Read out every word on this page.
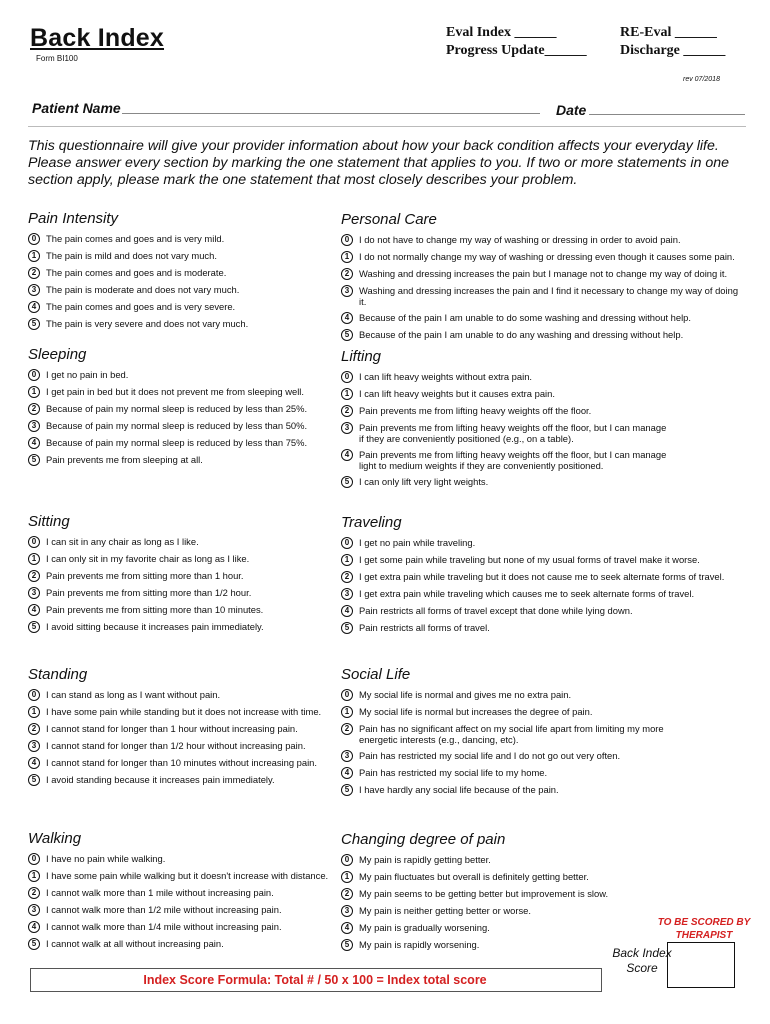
Back Index
Form BI100
Eval Index ______
Progress Update______
RE-Eval ______
Discharge ______
rev 07/2018
Patient Name	Date
This questionnaire will give your provider information about how your back condition affects your everyday life. Please answer every section by marking the one statement that applies to you. If two or more statements in one section apply, please mark the one statement that most closely describes your problem.
Pain Intensity
0	The pain comes and goes and is very mild.
1	The pain is mild and does not vary much.
2	The pain comes and goes and is moderate.
3	The pain is moderate and does not vary much.
4	The pain comes and goes and is very severe.
5	The pain is very severe and does not vary much.
Personal Care
0	I do not have to change my way of washing or dressing in order to avoid pain.
1	I do not normally change my way of washing or dressing even though it causes some pain.
2	Washing and dressing increases the pain but I manage not to change my way of doing it.
3	Washing and dressing increases the pain and I find it necessary to change my way of doing it.
4	Because of the pain I am unable to do some washing and dressing without help.
5	Because of the pain I am unable to do any washing and dressing without help.
Sleeping
0	I get no pain in bed.
1	I get pain in bed but it does not prevent me from sleeping well.
2	Because of pain my normal sleep is reduced by less than 25%.
3	Because of pain my normal sleep is reduced by less than 50%.
4	Because of pain my normal sleep is reduced by less than 75%.
5	Pain prevents me from sleeping at all.
Lifting
0	I can lift heavy weights without extra pain.
1	I can lift heavy weights but it causes extra pain.
2	Pain prevents me from lifting heavy weights off the floor.
3	Pain prevents me from lifting heavy weights off the floor, but I can manage
if they are conveniently positioned (e.g., on a table).
4	Pain prevents me from lifting heavy weights off the floor, but I can manage
light to medium weights if they are conveniently positioned.
5	I can only lift very light weights.
Sitting
0	I can sit in any chair as long as I like.
1	I can only sit in my favorite chair as long as I like.
2	Pain prevents me from sitting more than 1 hour.
3	Pain prevents me from sitting more than 1/2 hour.
4	Pain prevents me from sitting more than 10 minutes.
5	I avoid sitting because it increases pain immediately.
Traveling
0	I get no pain while traveling.
1	I get some pain while traveling but none of my usual forms of travel make it worse.
2	I get extra pain while traveling but it does not cause me to seek alternate forms of travel.
3	I get extra pain while traveling which causes me to seek alternate forms of travel.
4	Pain restricts all forms of travel except that done while lying down.
5	Pain restricts all forms of travel.
Standing
0	I can stand as long as I want without pain.
1	I have some pain while standing but it does not increase with time.
2	I cannot stand for longer than 1 hour without increasing pain.
3	I cannot stand for longer than 1/2 hour without increasing pain.
4	I cannot stand for longer than 10 minutes without increasing pain.
5	I avoid standing because it increases pain immediately.
Social Life
0	My social life is normal and gives me no extra pain.
1	My social life is normal but increases the degree of pain.
2	Pain has no significant affect on my social life apart from limiting my more
energetic interests (e.g., dancing, etc).
3	Pain has restricted my social life and I do not go out very often.
4	Pain has restricted my social life to my home.
5	I have hardly any social life because of the pain.
Walking
0	I have no pain while walking.
1	I have some pain while walking but it doesn't increase with distance.
2	I cannot walk more than 1 mile without increasing pain.
3	I cannot walk more than 1/2 mile without increasing pain.
4	I cannot walk more than 1/4 mile without increasing pain.
5	I cannot walk at all without increasing pain.
Changing degree of pain
0	My pain is rapidly getting better.
1	My pain fluctuates but overall is definitely getting better.
2	My pain seems to be getting better but improvement is slow.
3	My pain is neither getting better or worse.
4	My pain is gradually worsening.
5	My pain is rapidly worsening.
Index Score Formula: Total # / 50 x 100 = Index total score
TO BE SCORED BY THERAPIST
Back Index Score
